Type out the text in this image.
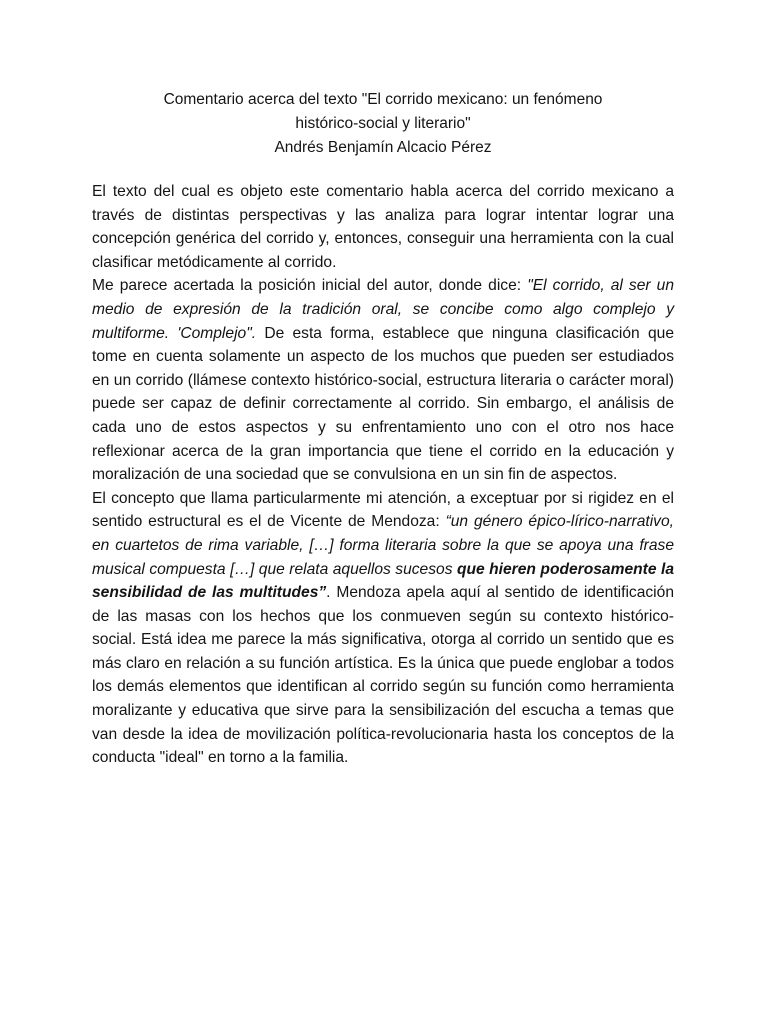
Comentario acerca del texto "El corrido mexicano: un fenómeno
histórico-social y literario"
Andrés Benjamín Alcacio Pérez

El texto del cual es objeto este comentario habla acerca del corrido mexicano a través de distintas perspectivas y las analiza para lograr intentar lograr una concepción genérica del corrido y, entonces, conseguir una herramienta con la cual clasificar metódicamente al corrido.

Me parece acertada la posición inicial del autor, donde dice: "El corrido, al ser un medio de expresión de la tradición oral, se concibe como algo complejo y multiforme. 'Complejo". De esta forma, establece que ninguna clasificación que tome en cuenta solamente un aspecto de los muchos que pueden ser estudiados en un corrido (llámese contexto histórico-social, estructura literaria o carácter moral) puede ser capaz de definir correctamente al corrido. Sin embargo, el análisis de cada uno de estos aspectos y su enfrentamiento uno con el otro nos hace reflexionar acerca de la gran importancia que tiene el corrido en la educación y moralización de una sociedad que se convulsiona en un sin fin de aspectos.

El concepto que llama particularmente mi atención, a exceptuar por si rigidez en el sentido estructural es el de Vicente de Mendoza: “un género épico-lírico-narrativo, en cuartetos de rima variable, […] forma literaria sobre la que se apoya una frase musical compuesta […] que relata aquellos sucesos que hieren poderosamente la sensibilidad de las multitudes”. Mendoza apela aquí al sentido de identificación de las masas con los hechos que los conmueven según su contexto histórico-social. Está idea me parece la más significativa, otorga al corrido un sentido que es más claro en relación a su función artística. Es la única que puede englobar a todos los demás elementos que identifican al corrido según su función como herramienta moralizante y educativa que sirve para la sensibilización del escucha a temas que van desde la idea de movilización política-revolucionaria hasta los conceptos de la conducta "ideal" en torno a la familia.
